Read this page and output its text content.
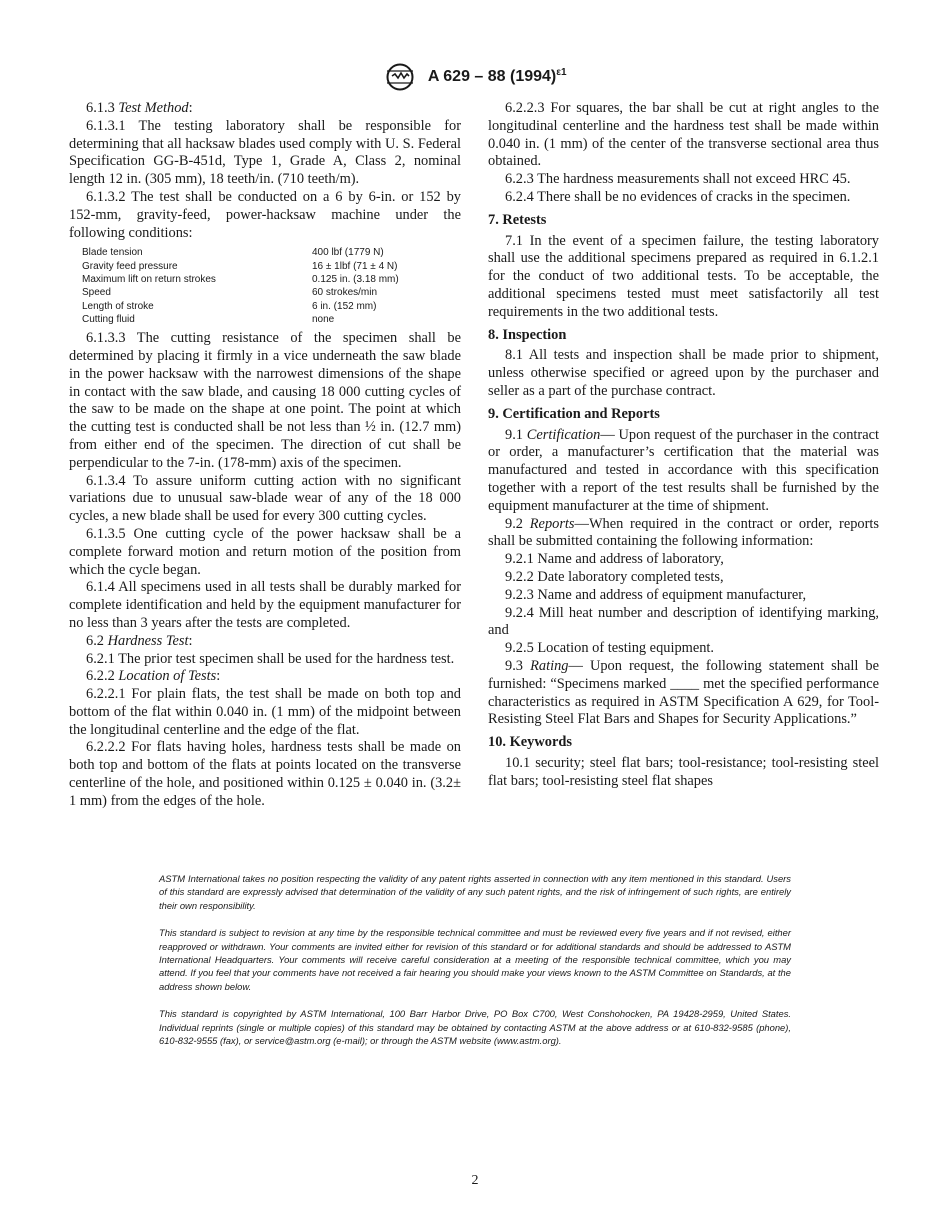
A 629 – 88 $(1994)^{\varepsilon 1}$

6.1.3 Test Method:

6.1.3.1 The testing laboratory shall be responsible for determining that all hacksaw blades used comply with U. S. Federal Specification GG-B-451d, Type 1, Grade A, Class 2, nominal length 12 in. (305 mm), 18 teeth/in. (710 teeth/m).

6.1.3.2 The test shall be conducted on a 6 by 6-in. or 152 by 152-mm, gravity-feed, power-hacksaw machine under the following conditions:

Blade tension	400 lbf (1779 N)
Gravity feed pressure	16 ± 1lbf (71 ± 4 N)
Maximum lift on return strokes	0.125 in. (3.18 mm)
Speed	60 strokes/min
Length of stroke	6 in. (152 mm)
Cutting fluid	none

6.1.3.3 The cutting resistance of the specimen shall be determined by placing it firmly in a vice underneath the saw blade in the power hacksaw with the narrowest dimensions of the shape in contact with the saw blade, and causing 18 000 cutting cycles of the saw to be made on the shape at one point. The point at which the cutting test is conducted shall be not less than ½ in. (12.7 mm) from either end of the specimen. The direction of cut shall be perpendicular to the 7-in. (178-mm) axis of the specimen.

6.1.3.4 To assure uniform cutting action with no significant variations due to unusual saw-blade wear of any of the 18 000 cycles, a new blade shall be used for every 300 cutting cycles.

6.1.3.5 One cutting cycle of the power hacksaw shall be a complete forward motion and return motion of the position from which the cycle began.

6.1.4 All specimens used in all tests shall be durably marked for complete identification and held by the equipment manufacturer for no less than 3 years after the tests are completed.

6.2 Hardness Test:

6.2.1 The prior test specimen shall be used for the hardness test.

6.2.2 Location of Tests:

6.2.2.1 For plain flats, the test shall be made on both top and bottom of the flat within 0.040 in. (1 mm) of the midpoint between the longitudinal centerline and the edge of the flat.

6.2.2.2 For flats having holes, hardness tests shall be made on both top and bottom of the flats at points located on the transverse centerline of the hole, and positioned within 0.125 ± 0.040 in. (3.2± 1 mm) from the edges of the hole.

6.2.2.3 For squares, the bar shall be cut at right angles to the longitudinal centerline and the hardness test shall be made within 0.040 in. (1 mm) of the center of the transverse sectional area thus obtained.

6.2.3 The hardness measurements shall not exceed HRC 45.

6.2.4 There shall be no evidences of cracks in the specimen.

7. Retests

7.1 In the event of a specimen failure, the testing laboratory shall use the additional specimens prepared as required in 6.1.2.1 for the conduct of two additional tests. To be acceptable, the additional specimens tested must meet satisfactorily all test requirements in the two additional tests.

8. Inspection

8.1 All tests and inspection shall be made prior to shipment, unless otherwise specified or agreed upon by the purchaser and seller as a part of the purchase contract.

9. Certification and Reports

9.1 Certification— Upon request of the purchaser in the contract or order, a manufacturer’s certification that the material was manufactured and tested in accordance with this specification together with a report of the test results shall be furnished by the equipment manufacturer at the time of shipment.

9.2 Reports—When required in the contract or order, reports shall be submitted containing the following information:

9.2.1 Name and address of laboratory,

9.2.2 Date laboratory completed tests,

9.2.3 Name and address of equipment manufacturer,

9.2.4 Mill heat number and description of identifying marking, and

9.2.5 Location of testing equipment.

9.3 Rating— Upon request, the following statement shall be furnished: “Specimens marked ____ met the specified performance characteristics as required in ASTM Specification A 629, for Tool-Resisting Steel Flat Bars and Shapes for Security Applications.”

10. Keywords

10.1 security; steel flat bars; tool-resistance; tool-resisting steel flat bars; tool-resisting steel flat shapes

ASTM International takes no position respecting the validity of any patent rights asserted in connection with any item mentioned in this standard. Users of this standard are expressly advised that determination of the validity of any such patent rights, and the risk of infringement of such rights, are entirely their own responsibility.

This standard is subject to revision at any time by the responsible technical committee and must be reviewed every five years and if not revised, either reapproved or withdrawn. Your comments are invited either for revision of this standard or for additional standards and should be addressed to ASTM International Headquarters. Your comments will receive careful consideration at a meeting of the responsible technical committee, which you may attend. If you feel that your comments have not received a fair hearing you should make your views known to the ASTM Committee on Standards, at the address shown below.

This standard is copyrighted by ASTM International, 100 Barr Harbor Drive, PO Box C700, West Conshohocken, PA 19428-2959, United States. Individual reprints (single or multiple copies) of this standard may be obtained by contacting ASTM at the above address or at 610-832-9585 (phone), 610-832-9555 (fax), or service@astm.org (e-mail); or through the ASTM website (www.astm.org).

2
